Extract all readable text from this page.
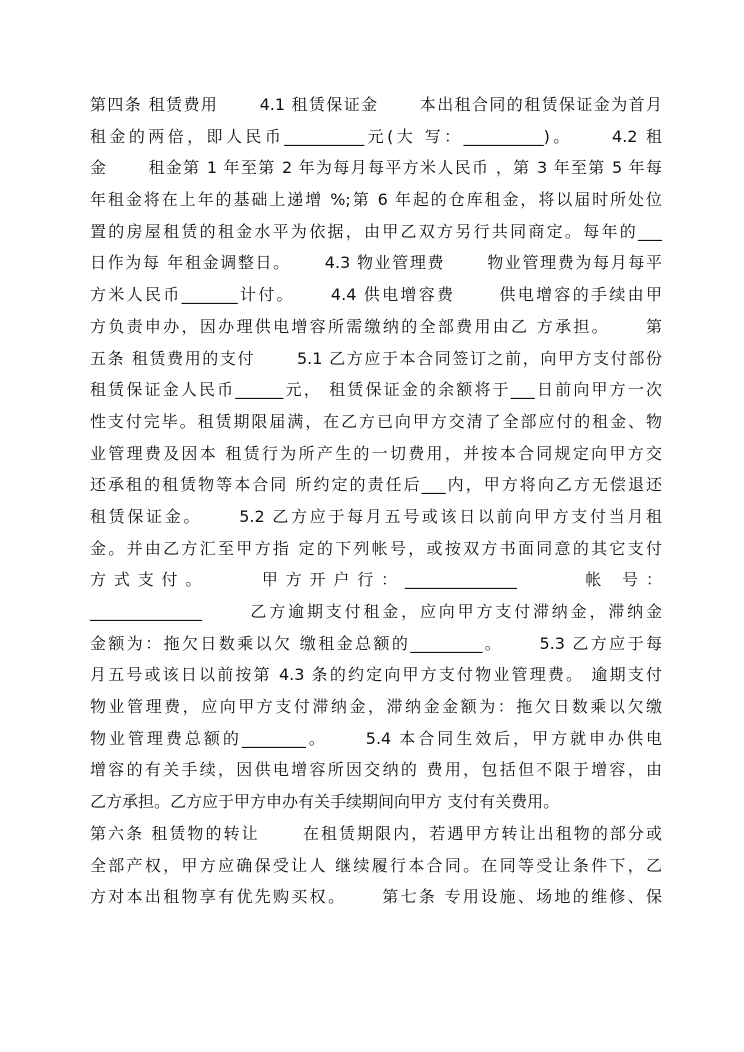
第四条 租赁费用　　 4.1 租赁保证金　　 本出租合同的租赁保证金为首月
租金的两倍，即人民币__________元(大 写：__________)。　　 4.2 租
金　　 租金第 1 年至第 2 年为每月每平方米人民币 ，第 3 年至第 5 年每
年租金将在上年的基础上递增 %;第 6 年起的仓库租金，将以届时所处位
置的房屋租赁的租金水平为依据，由甲乙双方另行共同商定。每年的___
日作为每 年租金调整日。　　 4.3 物业管理费　　 物业管理费为每月每平
方米人民币_______计付。　　 4.4 供电增容费　　 供电增容的手续由甲
方负责申办，因办理供电增容所需缴纳的全部费用由乙 方承担。　　 第
五条 租赁费用的支付　　 5.1 乙方应于本合同签订之前，向甲方支付部份
租赁保证金人民币______元， 租赁保证金的余额将于___日前向甲方一次
性支付完毕。租赁期限届满，在乙方已向甲方交清了全部应付的租金、物
业管理费及因本 租赁行为所产生的一切费用，并按本合同规定向甲方交
还承租的租赁物等本合同 所约定的责任后___内，甲方将向乙方无偿退还
租赁保证金。　　 5.2 乙方应于每月五号或该日以前向甲方支付当月租
金。并由乙方汇至甲方指 定的下列帐号，或按双方书面同意的其它支付
方式支付。　　 甲方开户行：______________　　 帐 号：
______________　　 乙方逾期支付租金，应向甲方支付滞纳金，滞纳金
金额为：拖欠日数乘以欠 缴租金总额的_________。　　 5.3 乙方应于每
月五号或该日以前按第 4.3 条的约定向甲方支付物业管理费。 逾期支付
物业管理费，应向甲方支付滞纳金，滞纳金金额为：拖欠日数乘以欠缴
物业管理费总额的________。　　 5.4 本合同生效后，甲方就申办供电
增容的有关手续，因供电增容所因交纳的 费用，包括但不限于增容，由
乙方承担。乙方应于甲方申办有关手续期间向甲方 支付有关费用。
第六条 租赁物的转让　　 在租赁期限内，若遇甲方转让出租物的部分或
全部产权，甲方应确保受让人 继续履行本合同。在同等受让条件下，乙
方对本出租物享有优先购买权。　　 第七条 专用设施、场地的维修、保
